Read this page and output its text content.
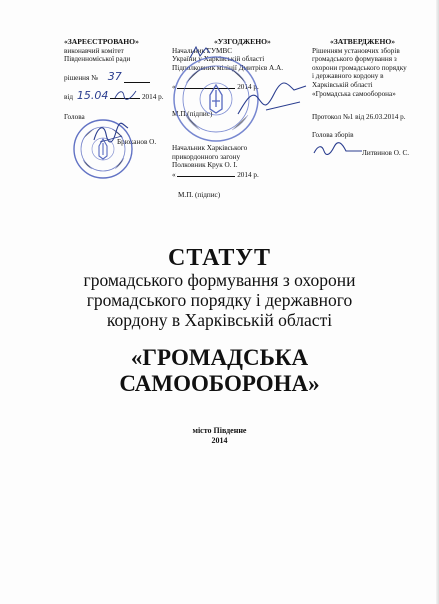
«ЗАРЕЄСТРОВАНО»
виконавчий комітет
Південноміської ради
рішення № 37
від 15.04	2014 р.
Голова
Брюханов О.
«УЗГОДЖЕНО»
Начальник ГУМВС
України у Харківській області
Підполковник міліції Дмитрієв А.А.
«	2014 р.
М.П.(підпис)
Начальник Харківського
прикордонного загону
Полковник Крук О. І.
«	2014 р.
М.П. (підпис)
«ЗАТВЕРДЖЕНО»
Рішенням установчих зборів
громадського формування з
охорони громадського порядку
і державного кордону в
Харківській області
«Громадська самооборона»
Протокол №1 від 26.03.2014 р.
Голова зборів
Литвинов О. С.
СТАТУТ
громадського формування з охорони
громадського порядку і державного
кордону в Харківській області
«ГРОМАДСЬКА
САМООБОРОНА»
місто Південне
2014
